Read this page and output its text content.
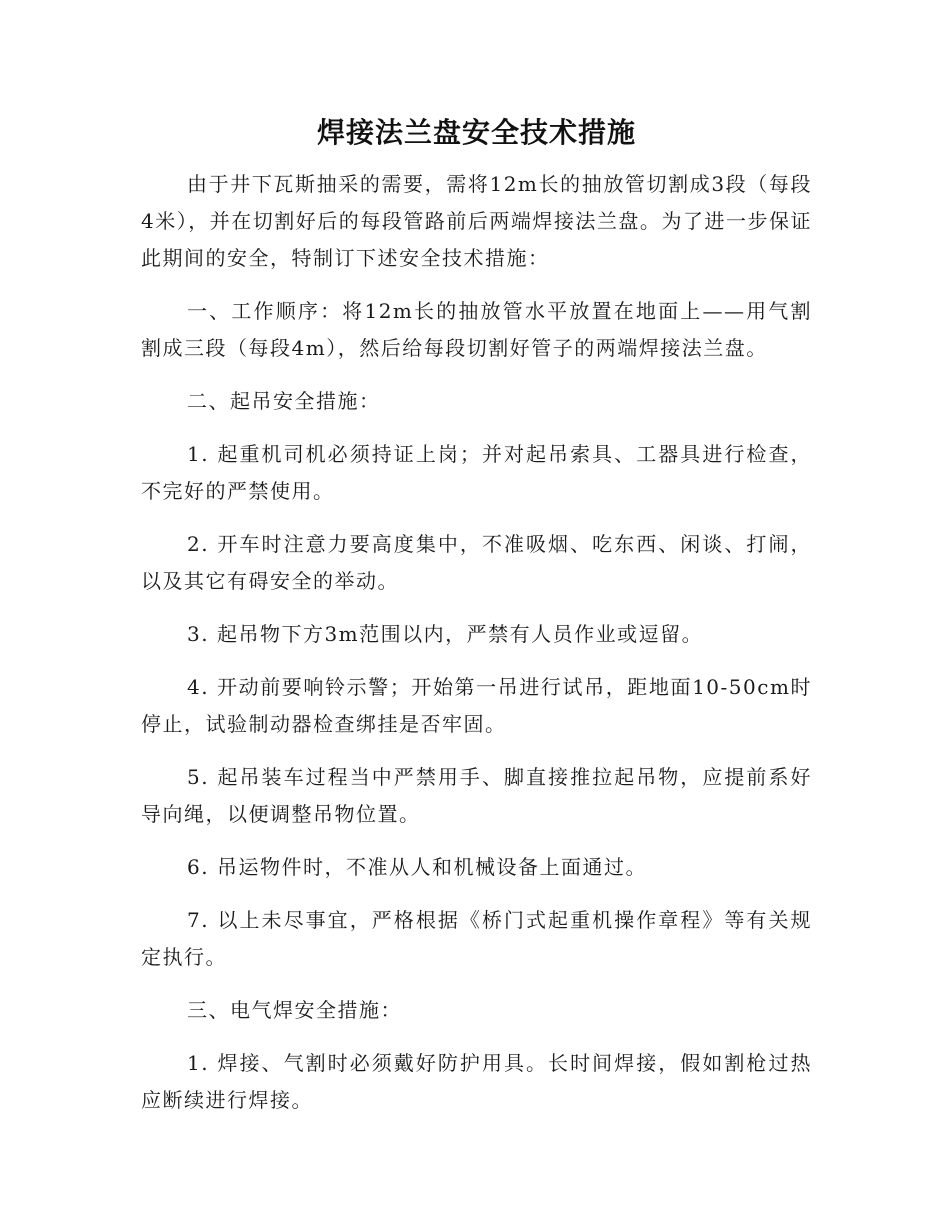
焊接法兰盘安全技术措施

由于井下瓦斯抽采的需要，需将12m长的抽放管切割成3段（每段4米），并在切割好后的每段管路前后两端焊接法兰盘。为了进一步保证此期间的安全，特制订下述安全技术措施：

一、工作顺序：将12m长的抽放管水平放置在地面上——用气割割成三段（每段4m），然后给每段切割好管子的两端焊接法兰盘。

二、起吊安全措施：

1. 起重机司机必须持证上岗；并对起吊索具、工器具进行检查，不完好的严禁使用。

2. 开车时注意力要高度集中，不准吸烟、吃东西、闲谈、打闹，以及其它有碍安全的举动。

3. 起吊物下方3m范围以内，严禁有人员作业或逗留。

4. 开动前要响铃示警；开始第一吊进行试吊，距地面10-50cm时停止，试验制动器检查绑挂是否牢固。

5. 起吊装车过程当中严禁用手、脚直接推拉起吊物，应提前系好导向绳，以便调整吊物位置。

6. 吊运物件时，不准从人和机械设备上面通过。

7. 以上未尽事宜，严格根据《桥门式起重机操作章程》等有关规定执行。

三、电气焊安全措施：

1. 焊接、气割时必须戴好防护用具。长时间焊接，假如割枪过热应断续进行焊接。
